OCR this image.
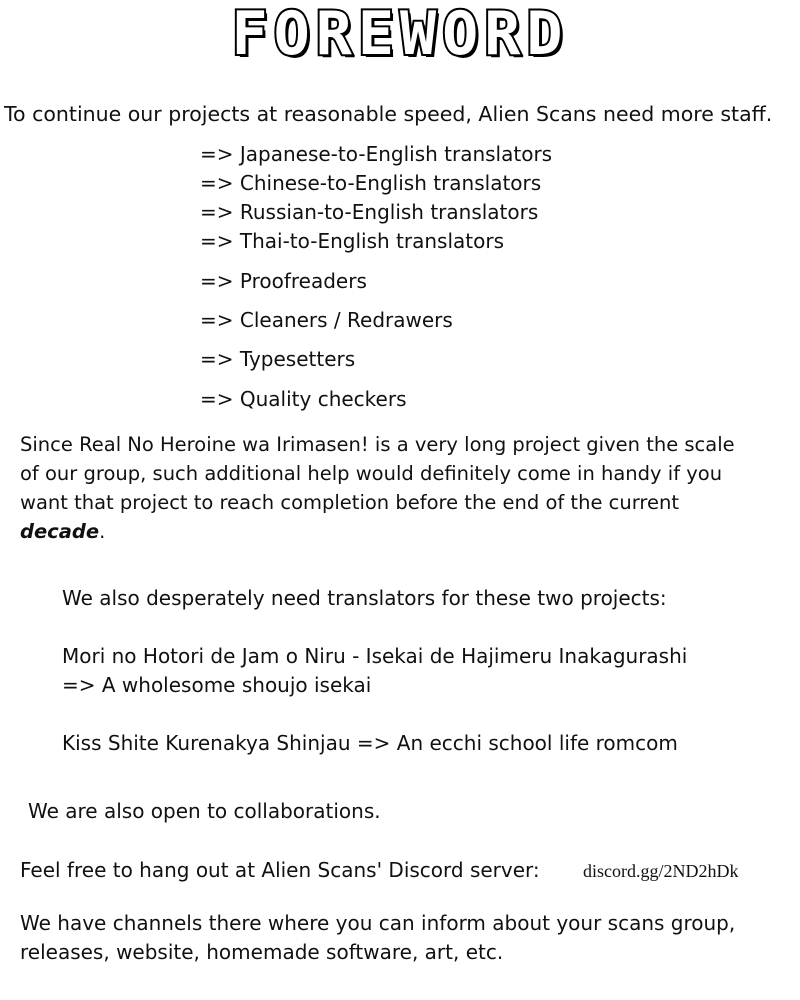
FOREWORD
To continue our projects at reasonable speed, Alien Scans need more staff.
=> Japanese-to-English translators
=> Chinese-to-English translators
=> Russian-to-English translators
=> Thai-to-English translators
=> Proofreaders
=> Cleaners / Redrawers
=> Typesetters
=> Quality checkers
Since Real No Heroine wa Irimasen! is a very long project given the scale
of our group, such additional help would definitely come in handy if you
want that project to reach completion before the end of the current
decade.
We also desperately need translators for these two projects:
Mori no Hotori de Jam o Niru - Isekai de Hajimeru Inakagurashi
=> A wholesome shoujo isekai
Kiss Shite Kurenakya Shinjau => An ecchi school life romcom
We are also open to collaborations.
Feel free to hang out at Alien Scans' Discord server: discord.gg/2ND2hDk
We have channels there where you can inform about your scans group,
releases, website, homemade software, art, etc.
